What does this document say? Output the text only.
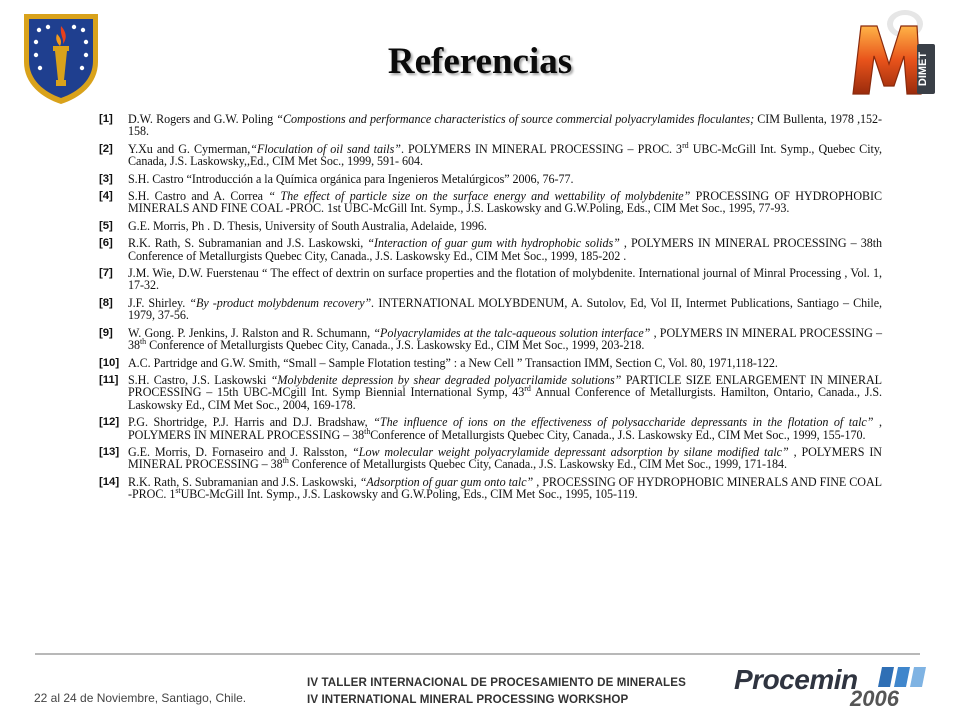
Referencias	DIMET
[1]	D.W. Rogers and G.W. Poling “Compostions and performance characteristics of source commercial polyacrylamides floculantes; CIM Bullenta, 1978 ,152-158.
[2]	Y.Xu and G. Cymerman,“Floculation of oil sand tails”. POLYMERS IN MINERAL PROCESSING – PROC. 3rd UBC-McGill Int. Symp., Quebec City, Canada, J.S. Laskowsky,,Ed., CIM Met Soc., 1999, 591- 604.
[3]	S.H. Castro “Introducción a la Química orgánica para Ingenieros Metalúrgicos” 2006, 76-77.
[4]	S.H. Castro and A. Correa “ The effect of particle size on the surface energy and wettability of molybdenite” PROCESSING OF HYDROPHOBIC MINERALS AND FINE COAL -PROC. 1st UBC-McGill Int. Symp., J.S. Laskowsky and G.W.Poling, Eds., CIM Met Soc., 1995, 77-93.
[5]	G.E. Morris, Ph . D. Thesis, University of South Australia, Adelaide, 1996.
[6]	R.K. Rath, S. Subramanian and J.S. Laskowski, “Interaction of guar gum with hydrophobic solids” , POLYMERS IN MINERAL PROCESSING – 38th Conference of Metallurgists Quebec City, Canada., J.S. Laskowsky Ed., CIM Met Soc., 1999, 185-202 .
[7]	J.M. Wie, D.W. Fuerstenau “ The effect of dextrin on surface properties and the flotation of molybdenite. International journal of Minral Processing , Vol. 1, 17-32.
[8]	J.F. Shirley. “By -product molybdenum recovery”. INTERNATIONAL MOLYBDENUM, A. Sutolov, Ed, Vol II, Intermet Publications, Santiago – Chile, 1979, 37-56.
[9]	W. Gong. P. Jenkins, J. Ralston and R. Schumann, “Polyacrylamides at the talc-aqueous solution interface” , POLYMERS IN MINERAL PROCESSING – 38th Conference of Metallurgists Quebec City, Canada., J.S. Laskowsky Ed., CIM Met Soc., 1999, 203-218.
[10] A.C. Partridge and G.W. Smith, “Small – Sample Flotation testing” : a New Cell ” Transaction IMM, Section C, Vol. 80, 1971,118-122.
[11] S.H. Castro, J.S. Laskowski “Molybdenite depression by shear degraded polyacrilamide solutions” PARTICLE SIZE ENLARGEMENT IN MINERAL PROCESSING – 15th UBC-MCgill Int. Symp Biennial International Symp, 43rd Annual Conference of Metallurgists. Hamilton, Ontario, Canada., J.S. Laskowsky Ed., CIM Met Soc., 2004, 169-178.
[12] P.G. Shortridge, P.J. Harris and D.J. Bradshaw, “The influence of ions on the effectiveness of polysaccharide depressants in the flotation of talc” , POLYMERS IN MINERAL PROCESSING – 38thConference of Metallurgists Quebec City, Canada., J.S. Laskowsky Ed., CIM Met Soc., 1999, 155-170.
[13] G.E. Morris, D. Fornaseiro and J. Ralsston, “Low molecular weight polyacrylamide depressant adsorption by silane modified talc” , POLYMERS IN MINERAL PROCESSING – 38th Conference of Metallurgists Quebec City, Canada., J.S. Laskowsky Ed., CIM Met Soc., 1999, 171-184.
[14] R.K. Rath, S. Subramanian and J.S. Laskowski, “Adsorption of guar gum onto talc” , PROCESSING OF HYDROPHOBIC MINERALS AND FINE COAL -PROC. 1stUBC-McGill Int. Symp., J.S. Laskowsky and G.W.Poling, Eds., CIM Met Soc., 1995, 105-119.
22 al 24 de Noviembre, Santiago, Chile.
IV TALLER INTERNACIONAL DE PROCESAMIENTO DE MINERALES
IV INTERNATIONAL MINERAL PROCESSING WORKSHOP
Procemin
2006
